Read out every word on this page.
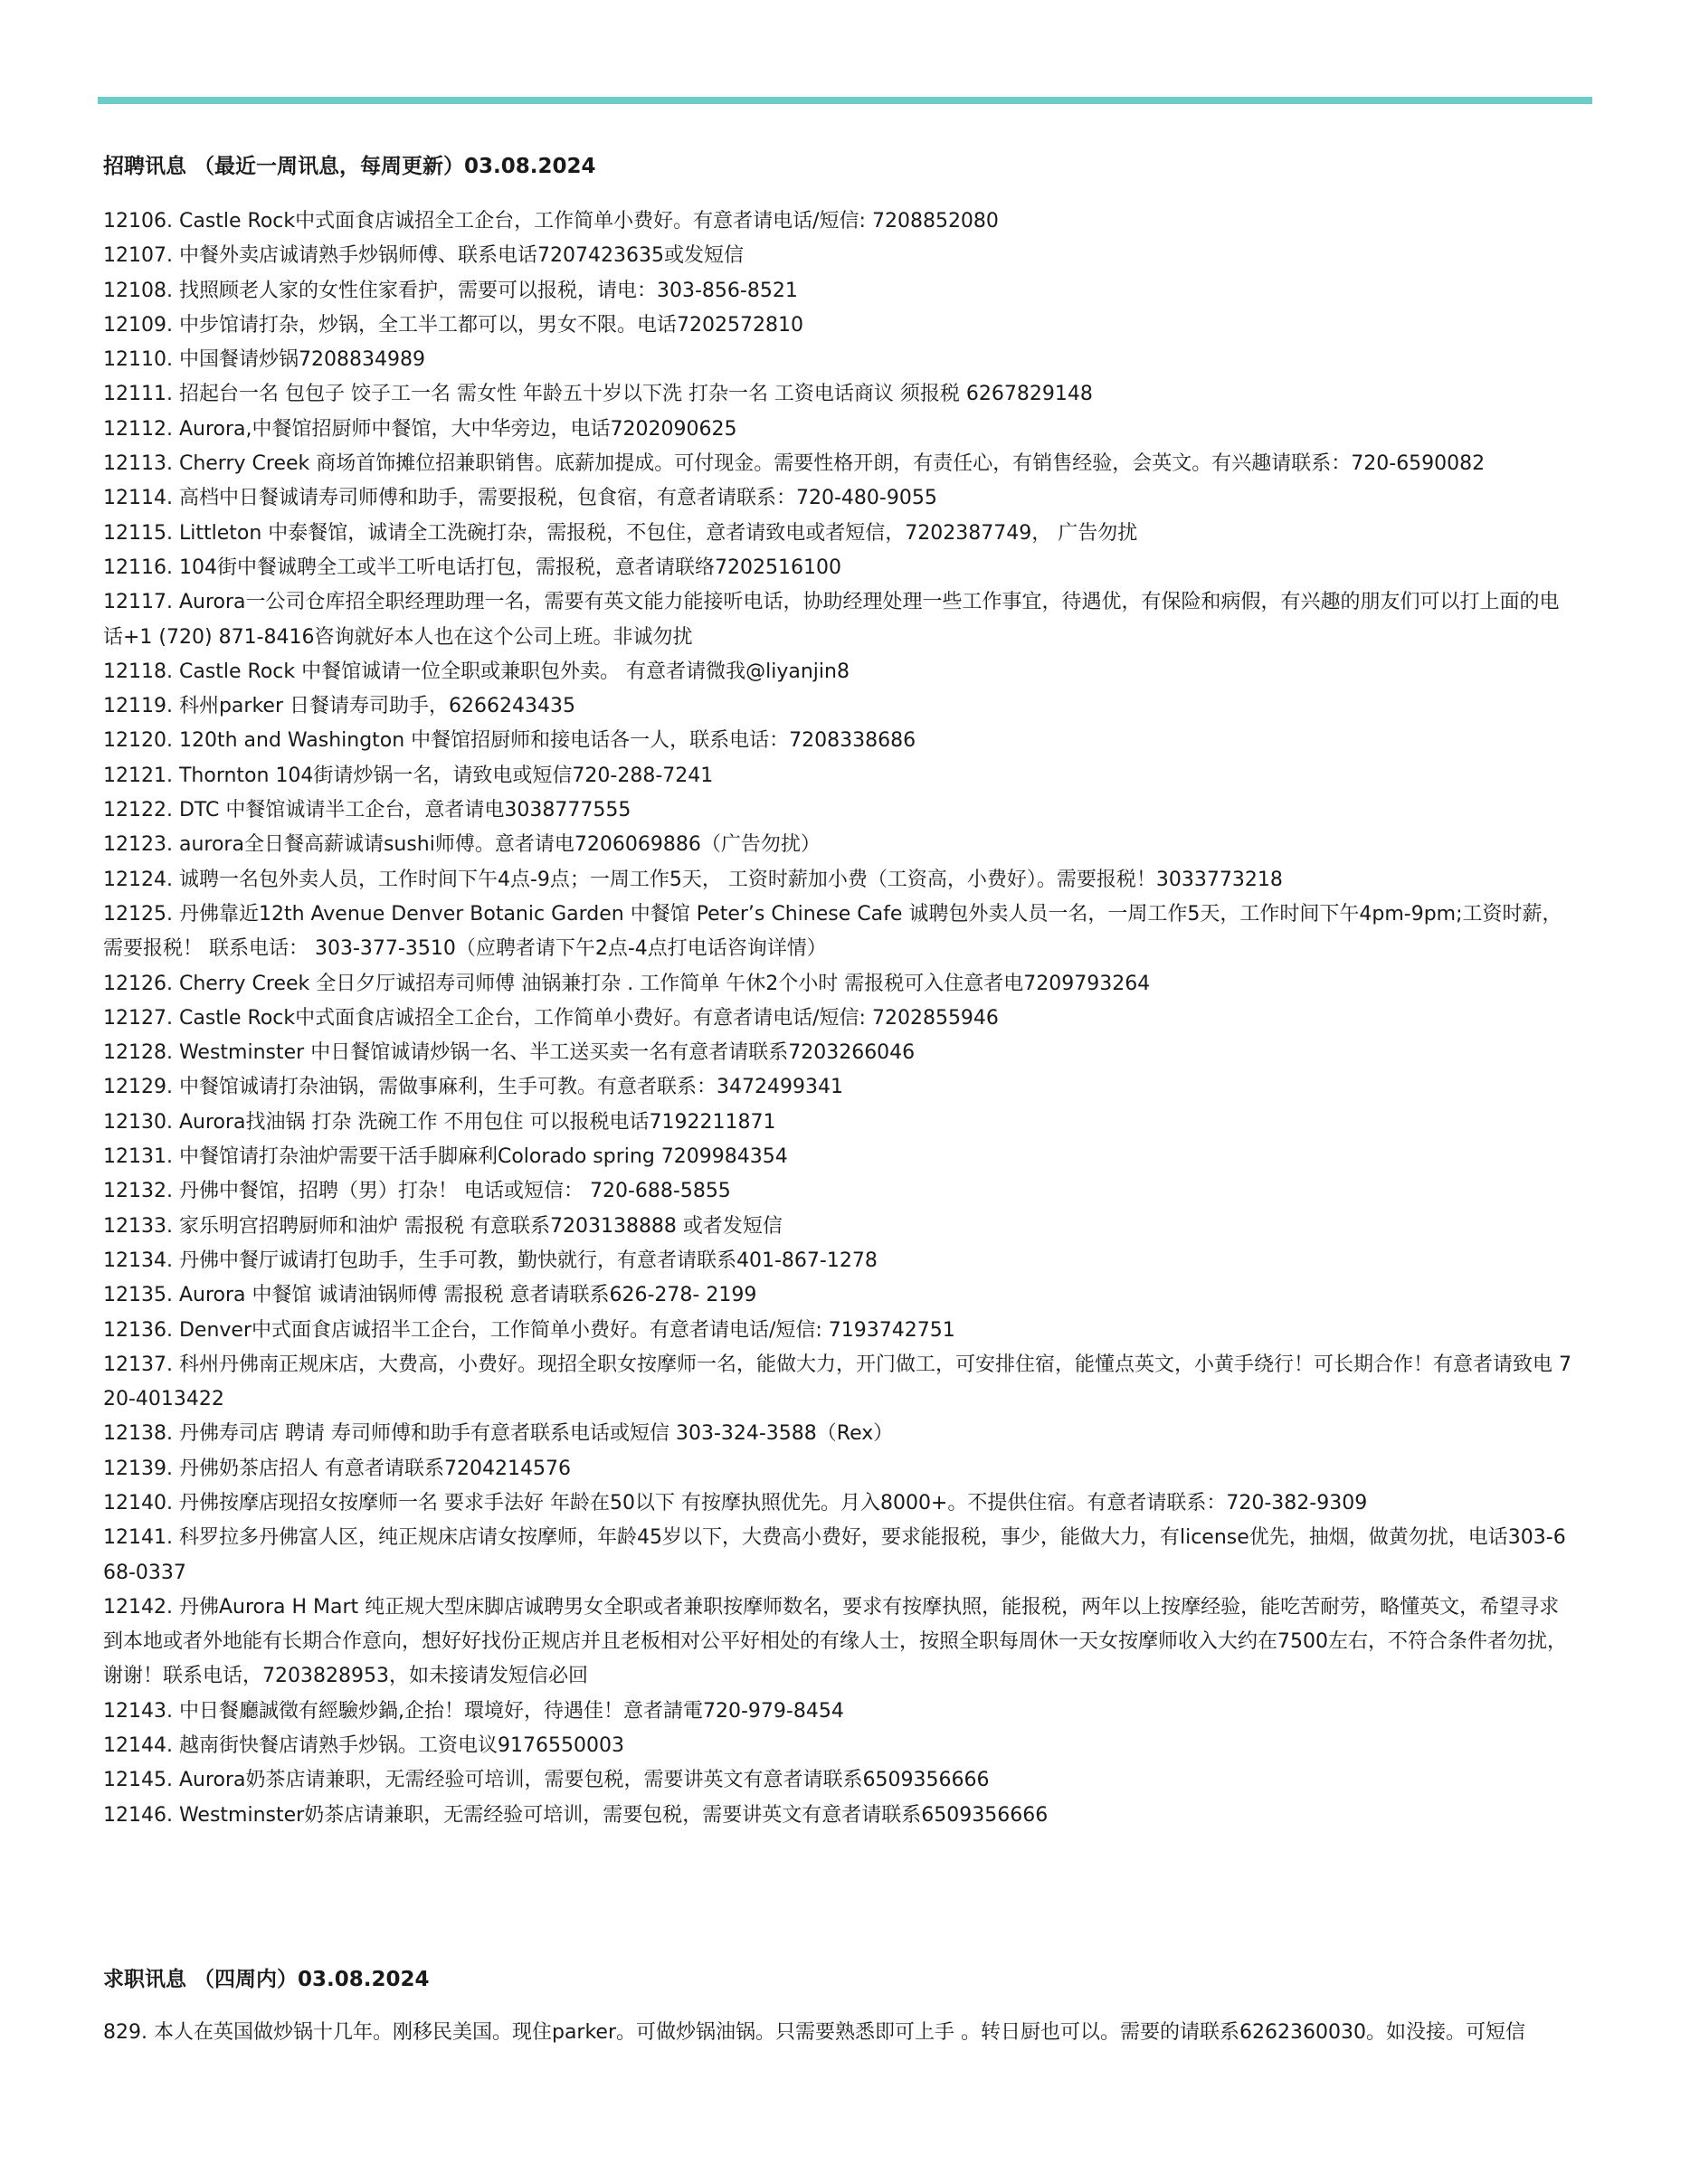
招聘讯息 （最近一周讯息，每周更新）03.08.2024
12106. Castle Rock中式面食店诚招全工企台，工作简单小费好。有意者请电话/短信: 7208852080
12107. 中餐外卖店诚请熟手炒锅师傅、联系电话7207423635或发短信
12108. 找照顾老人家的女性住家看护，需要可以报税，请电：303-856-8521
12109. 中步馆请打杂，炒锅，全工半工都可以，男女不限。电话7202572810
12110. 中国餐请炒锅7208834989
12111. 招起台一名 包包子 饺子工一名 需女性 年龄五十岁以下洗 打杂一名 工资电话商议 须报税 6267829148
12112. Aurora,中餐馆招厨师中餐馆，大中华旁边，电话7202090625
12113. Cherry Creek 商场首饰摊位招兼职销售。底薪加提成。可付现金。需要性格开朗，有责任心，有销售经验，会英文。有兴趣请联系：720-6590082
12114. 高档中日餐诚请寿司师傅和助手，需要报税，包食宿，有意者请联系：720-480-9055
12115. Littleton 中泰餐馆，诚请全工洗碗打杂，需报税，不包住，意者请致电或者短信，7202387749， 广告勿扰
12116. 104街中餐诚聘全工或半工听电话打包，需报税，意者请联络7202516100
12117. Aurora一公司仓库招全职经理助理一名，需要有英文能力能接听电话，协助经理处理一些工作事宜，待遇优，有保险和病假，有兴趣的朋友们可以打上面的电话+1 (720) 871-8416咨询就好本人也在这个公司上班。非诚勿扰
12118. Castle Rock 中餐馆诚请一位全职或兼职包外卖。 有意者请微我@liyanjin8
12119. 科州parker 日餐请寿司助手，6266243435
12120. 120th and Washington 中餐馆招厨师和接电话各一人，联系电话：7208338686
12121. Thornton 104街请炒锅一名，请致电或短信720-288-7241
12122. DTC 中餐馆诚请半工企台，意者请电3038777555
12123. aurora全日餐高薪诚请sushi师傅。意者请电7206069886（广告勿扰）
12124. 诚聘一名包外卖人员，工作时间下午4点-9点；一周工作5天， 工资时薪加小费（工资高，小费好）。需要报税！3033773218
12125. 丹佛靠近12th Avenue Denver Botanic Garden 中餐馆 Peter’s Chinese Cafe 诚聘包外卖人员一名，一周工作5天，工作时间下午4pm-9pm;工资时薪， 需要报税！ 联系电话： 303-377-3510（应聘者请下午2点-4点打电话咨询详情）
12126. Cherry Creek 全日夕厅诚招寿司师傅 油锅兼打杂 . 工作简单 午休2个小时 需报税可入住意者电7209793264
12127. Castle Rock中式面食店诚招全工企台，工作简单小费好。有意者请电话/短信: 7202855946
12128. Westminster 中日餐馆诚请炒锅一名、半工送买卖一名有意者请联系7203266046
12129. 中餐馆诚请打杂油锅，需做事麻利，生手可教。有意者联系：3472499341
12130. Aurora找油锅 打杂 洗碗工作 不用包住 可以报税电话7192211871
12131. 中餐馆请打杂油炉需要干活手脚麻利Colorado spring 7209984354
12132. 丹佛中餐馆，招聘（男）打杂！ 电话或短信： 720-688-5855
12133. 家乐明宫招聘厨师和油炉 需报税 有意联系7203138888 或者发短信
12134. 丹佛中餐厅诚请打包助手，生手可教，勤快就行，有意者请联系401-867-1278
12135. Aurora 中餐馆 诚请油锅师傅 需报税 意者请联系626-278- 2199
12136. Denver中式面食店诚招半工企台，工作简单小费好。有意者请电话/短信: 7193742751
12137. 科州丹佛南正规床店，大费高，小费好。现招全职女按摩师一名，能做大力，开门做工，可安排住宿，能懂点英文，小黄手绕行！可长期合作！有意者请致电 720-4013422
12138. 丹佛寿司店 聘请 寿司师傅和助手有意者联系电话或短信 303-324-3588（Rex）
12139. 丹佛奶茶店招人 有意者请联系7204214576
12140. 丹佛按摩店现招女按摩师一名 要求手法好 年龄在50以下 有按摩执照优先。月入8000+。不提供住宿。有意者请联系：720-382-9309
12141. 科罗拉多丹佛富人区，纯正规床店请女按摩师，年龄45岁以下，大费高小费好，要求能报税，事少，能做大力，有license优先，抽烟，做黄勿扰，电话303-668-0337
12142. 丹佛Aurora H Mart 纯正规大型床脚店诚聘男女全职或者兼职按摩师数名，要求有按摩执照，能报税，两年以上按摩经验，能吃苦耐劳，略懂英文，希望寻求到本地或者外地能有长期合作意向，想好好找份正规店并且老板相对公平好相处的有缘人士，按照全职每周休一天女按摩师收入大约在7500左右，不符合条件者勿扰，谢谢！联系电话，7203828953，如未接请发短信必回
12143. 中日餐廳誠徵有經驗炒鍋,企抬！環境好，待遇佳！意者請電720-979-8454
12144. 越南街快餐店请熟手炒锅。工资电议9176550003
12145. Aurora奶茶店请兼职，无需经验可培训，需要包税，需要讲英文有意者请联系6509356666
12146. Westminster奶茶店请兼职，无需经验可培训，需要包税，需要讲英文有意者请联系6509356666
求职讯息 （四周内）03.08.2024
829. 本人在英国做炒锅十几年。刚移民美国。现住parker。可做炒锅油锅。只需要熟悉即可上手 。转日厨也可以。需要的请联系6262360030。如没接。可短信
